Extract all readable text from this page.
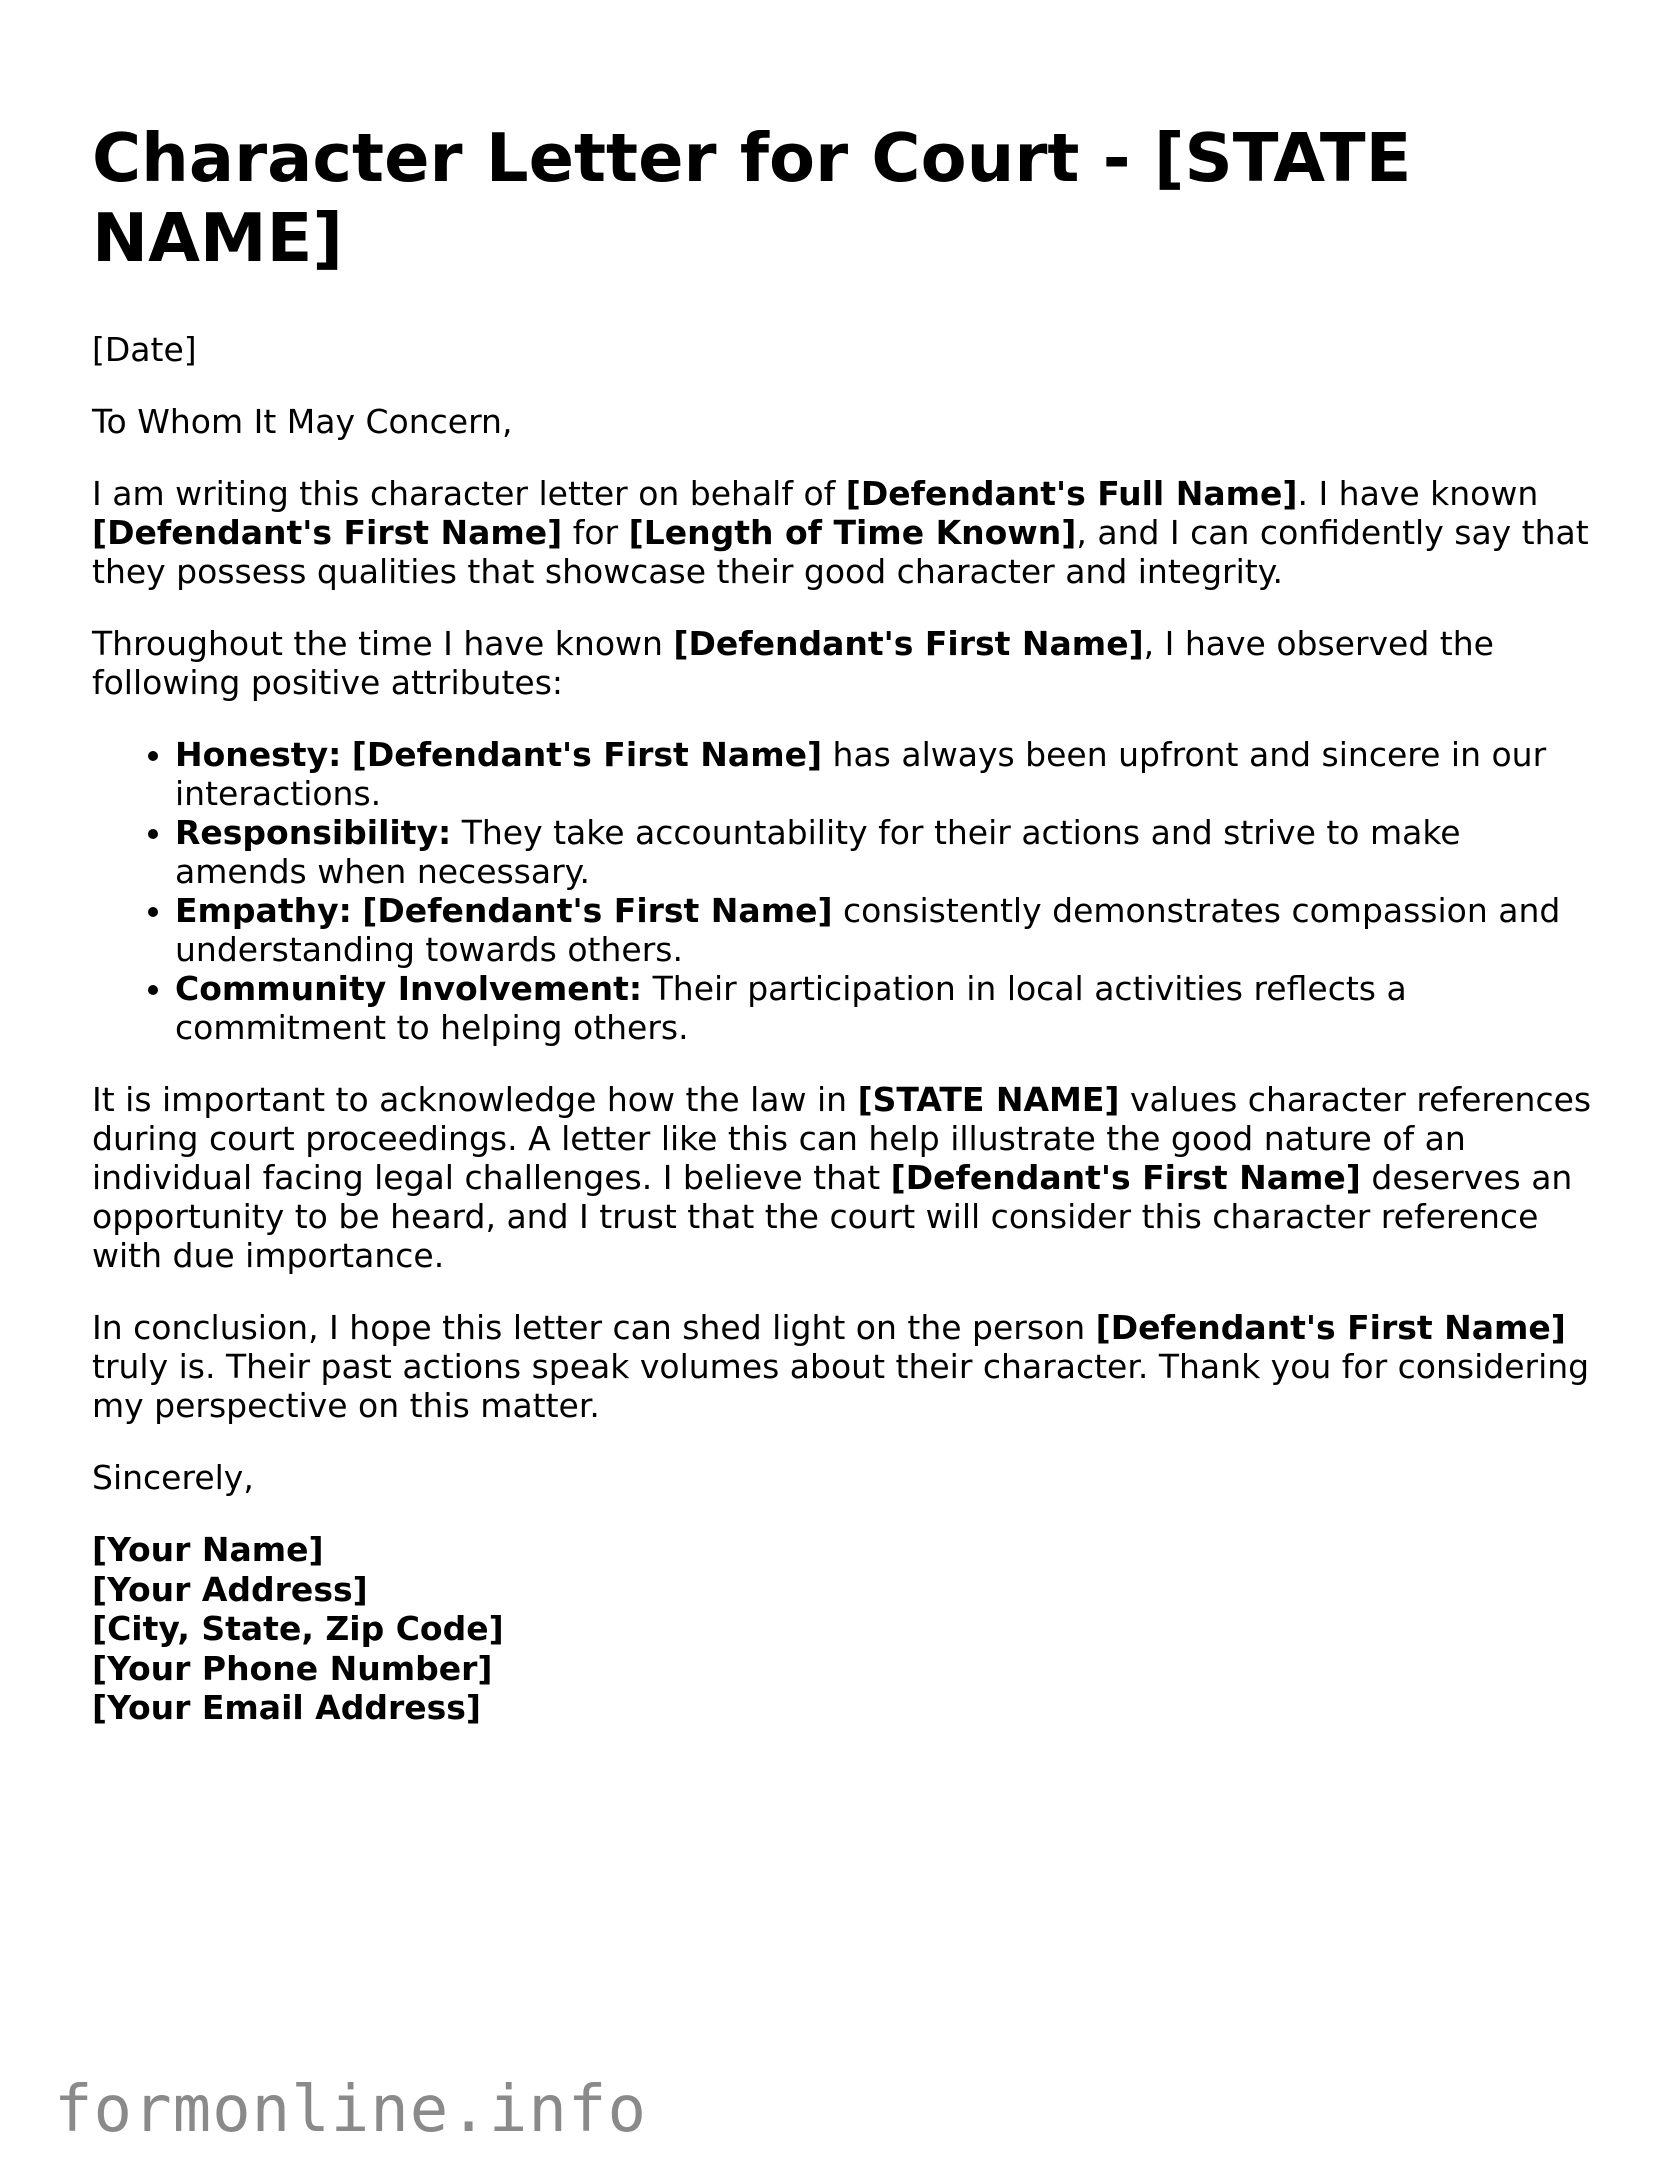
Character Letter for Court - [STATE NAME]

[Date]

To Whom It May Concern,

I am writing this character letter on behalf of [Defendant's Full Name]. I have known [Defendant's First Name] for [Length of Time Known], and I can confidently say that they possess qualities that showcase their good character and integrity.

Throughout the time I have known [Defendant's First Name], I have observed the following positive attributes:

• Honesty: [Defendant's First Name] has always been upfront and sincere in our interactions.
• Responsibility: They take accountability for their actions and strive to make amends when necessary.
• Empathy: [Defendant's First Name] consistently demonstrates compassion and understanding towards others.
• Community Involvement: Their participation in local activities reflects a commitment to helping others.

It is important to acknowledge how the law in [STATE NAME] values character references during court proceedings. A letter like this can help illustrate the good nature of an individual facing legal challenges. I believe that [Defendant's First Name] deserves an opportunity to be heard, and I trust that the court will consider this character reference with due importance.

In conclusion, I hope this letter can shed light on the person [Defendant's First Name] truly is. Their past actions speak volumes about their character. Thank you for considering my perspective on this matter.

Sincerely,

[Your Name]
[Your Address]
[City, State, Zip Code]
[Your Phone Number]
[Your Email Address]
formonline.info
